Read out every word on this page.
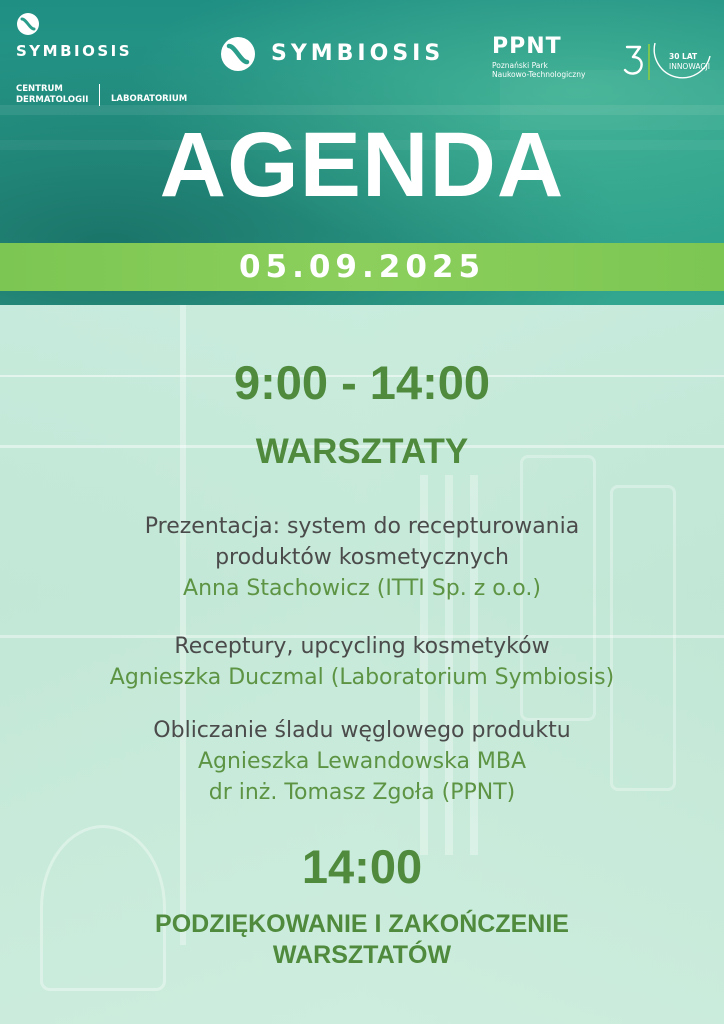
SYMBIOSIS
CENTRUM
DERMATOLOGII	LABORATORIUM
SYMBIOSIS PPNT
Poznański Park
Naukowo-Technologiczny
30 LAT
INNOWACJI
AGENDA
05.09.2025
9:00 - 14:00
WARSZTATY
Prezentacja: system do recepturowania
produktów kosmetycznych
Anna Stachowicz (ITTI Sp. z o.o.)
Receptury, upcycling kosmetyków
Agnieszka Duczmal (Laboratorium Symbiosis)
Obliczanie śladu węglowego produktu
Agnieszka Lewandowska MBA
dr inż. Tomasz Zgoła (PPNT)
14:00
PODZIĘKOWANIE I ZAKOŃCZENIE
WARSZTATÓW
